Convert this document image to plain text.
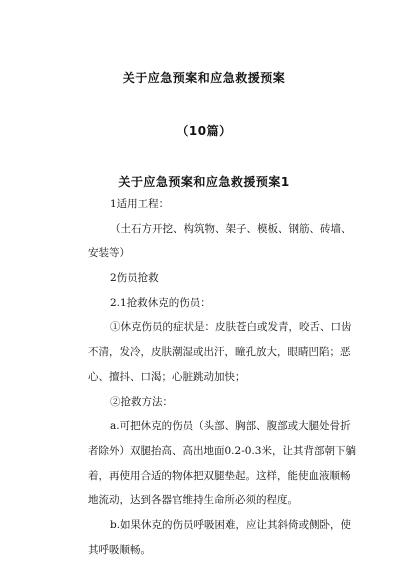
关于应急预案和应急救援预案
（10篇）
关于应急预案和应急救援预案1
1适用工程：
（土石方开挖、构筑物、架子、模板、钢筋、砖墙、
安装等）
2伤员抢救
2.1抢救休克的伤员：
①休克伤员的症状是：皮肤苍白或发青，咬舌、口齿
不清，发冷，皮肤潮湿或出汗，瞳孔放大，眼睛凹陷；恶
心、擅抖、口渴；心脏跳动加快；
②抢救方法：
a.可把休克的伤员（头部、胸部、腹部或大腿处骨折
者除外）双腿抬高、高出地面0.2-0.3米，让其背部朝下躺
着，再使用合适的物体把双腿垫起。这样，能使血液顺畅
地流动，达到各器官维持生命所必须的程度。
b.如果休克的伤员呼吸困难，应让其斜倚或侧卧，使
其呼吸顺畅。
